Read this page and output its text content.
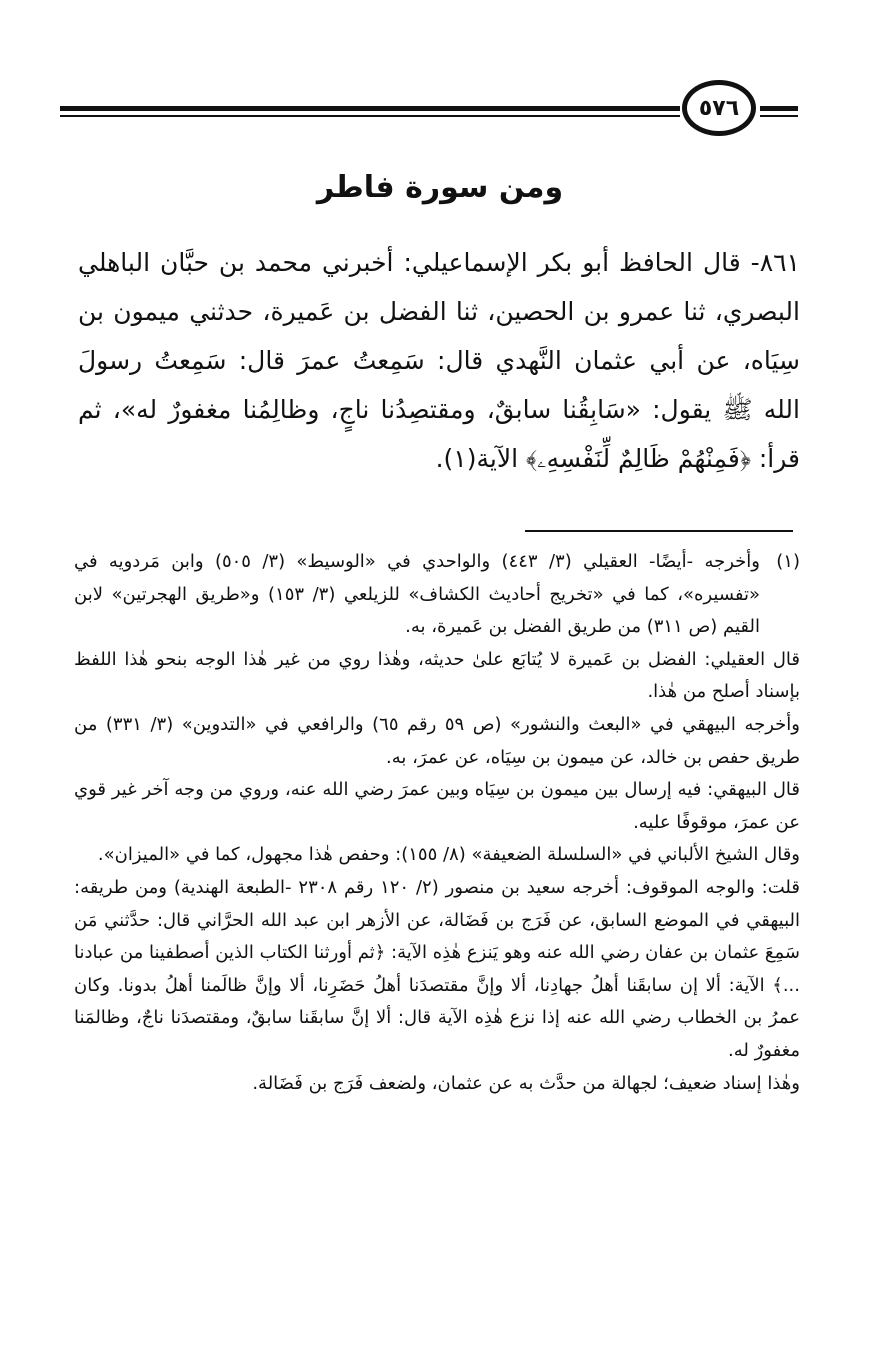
٥٧٦
ومن سورة فاطر
٨٦١- قال الحافظ أبو بكر الإسماعيلي: أخبرني محمد بن حبَّان الباهلي البصري، ثنا عمرو بن الحصين، ثنا الفضل بن عَميرة، حدثني ميمون بن سِيَاه، عن أبي عثمان النَّهدي قال: سَمِعتُ عمرَ قال: سَمِعتُ رسولَ الله ﷺ يقول: «سَابِقُنا سابقٌ، ومقتصِدُنا ناجٍ، وظالِمُنا مغفورٌ له»، ثم قرأ: ﴿فَمِنْهُمْ ظَالِمٌ لِّنَفْسِهِۦ﴾ الآية(١).
(١)

وأخرجه -أيضًا- العقيلي (٣/ ٤٤٣) والواحدي في «الوسيط» (٣/ ٥٠٥) وابن مَردويه في «تفسيره»، كما في «تخريج أحاديث الكشاف» للزيلعي (٣/ ١٥٣) و«طريق الهجرتين» لابن القيم (ص ٣١١) من طريق الفضل بن عَميرة، به.

قال العقيلي: الفضل بن عَميرة لا يُتابَع علىٰ حديثه، وهٰذا روي من غير هٰذا الوجه بنحو هٰذا اللفظ بإسناد أصلح من هٰذا.

وأخرجه البيهقي في «البعث والنشور» (ص ٥٩ رقم ٦٥) والرافعي في «التدوين» (٣/ ٣٣١) من طريق حفص بن خالد، عن ميمون بن سِيَاه، عن عمرَ، به.

قال البيهقي: فيه إرسال بين ميمون بن سِيَاه وبين عمرَ رضي الله عنه، وروي من وجه آخر غير قوي عن عمرَ، موقوفًا عليه.

وقال الشيخ الألباني في «السلسلة الضعيفة» (٨/ ١٥٥): وحفص هٰذا مجهول، كما في «الميزان».

قلت: والوجه الموقوف: أخرجه سعيد بن منصور (٢/ ١٢٠ رقم ٢٣٠٨ -الطبعة الهندية) ومن طريقه: البيهقي في الموضع السابق، عن فَرَج بن فَضَالة، عن الأزهر ابن عبد الله الحرَّاني قال: حدَّثني مَن سَمِعَ عثمان بن عفان رضي الله عنه وهو يَنزع هٰذِه الآية: ﴿ثم أورثنا الكتاب الذين أصطفينا من عبادنا ...﴾ الآية: ألا إن سابقَنا أهلُ جهادِنا، ألا وإنَّ مقتصدَنا أهلُ حَضَرِنا، ألا وإنَّ ظالَمنا أهلُ بدونا. وكان عمرُ بن الخطاب رضي الله عنه إذا نزع هٰذِه الآية قال: ألا إنَّ سابقَنا سابقٌ، ومقتصدَنا ناجٌ، وظالمَنا مغفورٌ له.

وهٰذا إسناد ضعيف؛ لجهالة من حدَّث به عن عثمان، ولضعف فَرَج بن فَضَالة.
